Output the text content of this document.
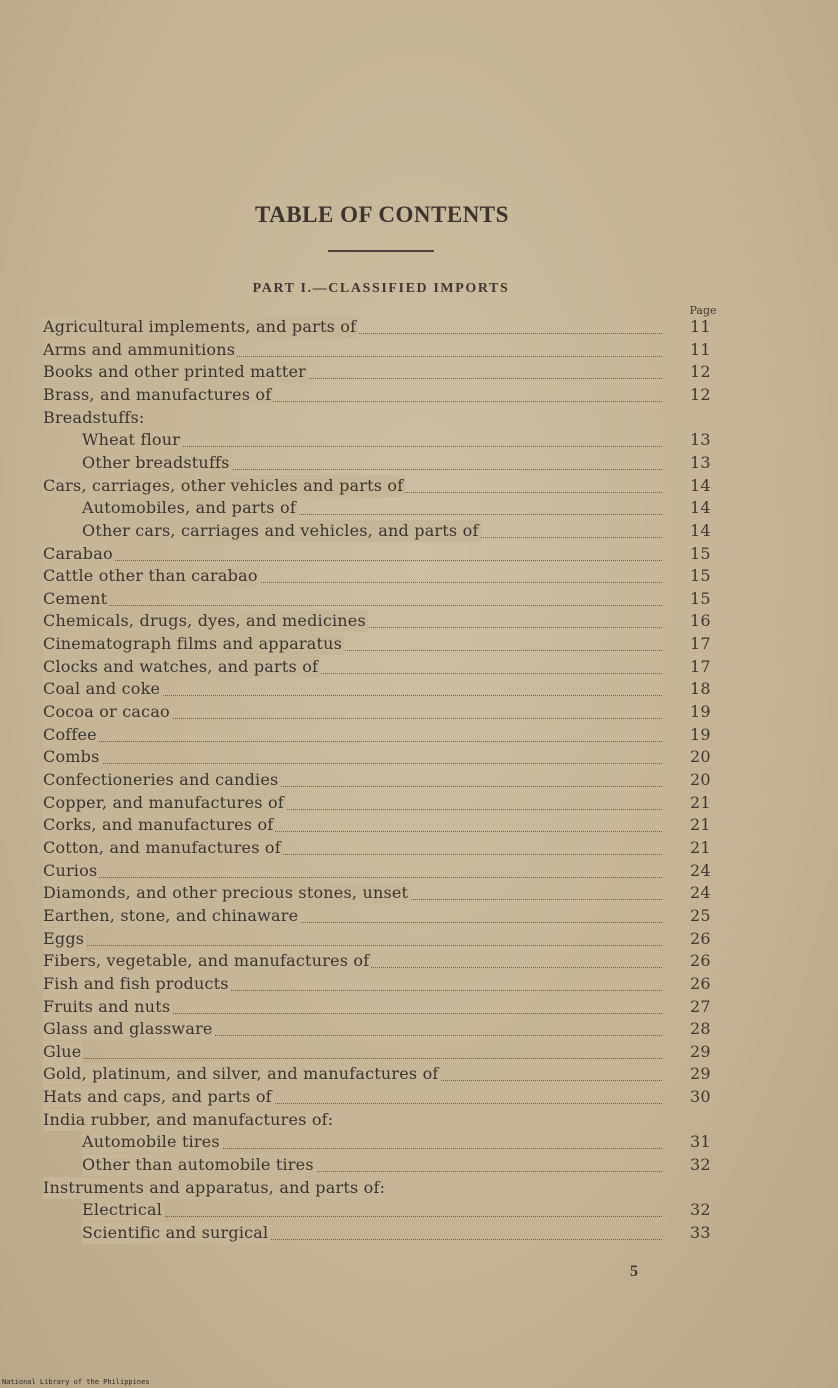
TABLE OF CONTENTS
PART I.—CLASSIFIED IMPORTS
Page
Agricultural implements, and parts of	11
Arms and ammunitions	11
Books and other printed matter	12
Brass, and manufactures of	12
Breadstuffs:
Wheat flour	13
Other breadstuffs	13
Cars, carriages, other vehicles and parts of	14
Automobiles, and parts of	14
Other cars, carriages and vehicles, and parts of	14
Carabao	15
Cattle other than carabao	15
Cement	15
Chemicals, drugs, dyes, and medicines	16
Cinematograph films and apparatus	17
Clocks and watches, and parts of	17
Coal and coke	18
Cocoa or cacao	19
Coffee	19
Combs	20
Confectioneries and candies	20
Copper, and manufactures of	21
Corks, and manufactures of	21
Cotton, and manufactures of	21
Curios	24
Diamonds, and other precious stones, unset	24
Earthen, stone, and chinaware	25
Eggs	26
Fibers, vegetable, and manufactures of	26
Fish and fish products	26
Fruits and nuts	27
Glass and glassware	28
Glue	29
Gold, platinum, and silver, and manufactures of	29
Hats and caps, and parts of	30
India rubber, and manufactures of:
Automobile tires	31
Other than automobile tires	32
Instruments and apparatus, and parts of:
Electrical	32
Scientific and surgical	33
5
National Library of the Philippines
